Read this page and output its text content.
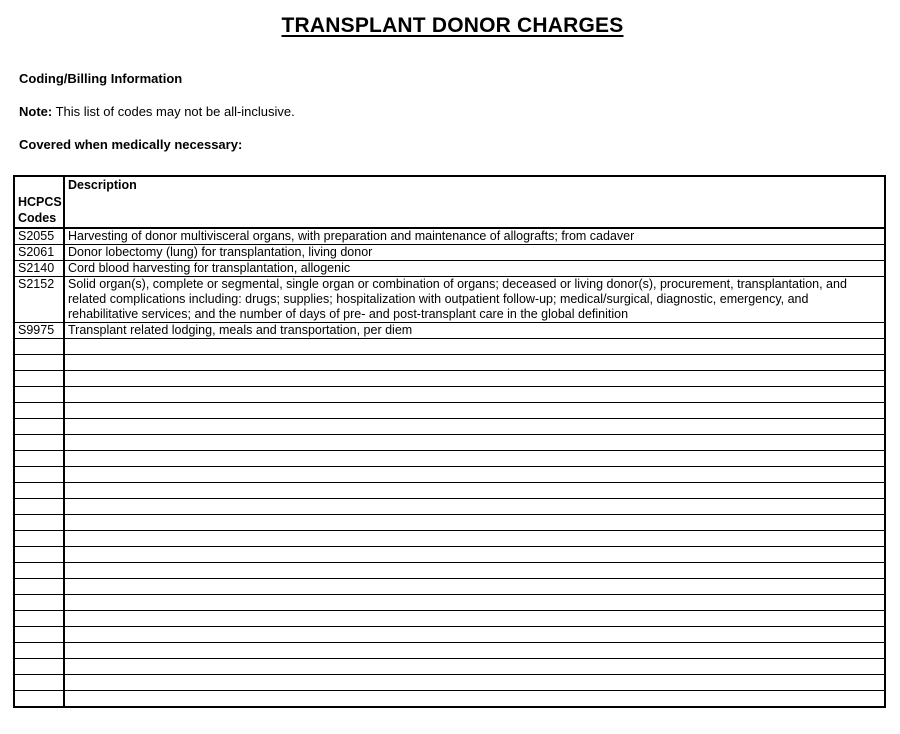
TRANSPLANT DONOR CHARGES
Coding/Billing Information
Note: This list of codes may not be all-inclusive.
Covered when medically necessary:
HCPCS Codes	Description
S2055	Harvesting of donor multivisceral organs, with preparation and maintenance of allografts; from cadaver
S2061	Donor lobectomy (lung) for transplantation, living donor
S2140	Cord blood harvesting for transplantation, allogenic
S2152	Solid organ(s), complete or segmental, single organ or combination of organs; deceased or living donor(s), procurement, transplantation, and related complications including: drugs; supplies; hospitalization with outpatient follow-up; medical/surgical, diagnostic, emergency, and rehabilitative services; and the number of days of pre- and post-transplant care in the global definition
S9975	Transplant related lodging, meals and transportation, per diem
